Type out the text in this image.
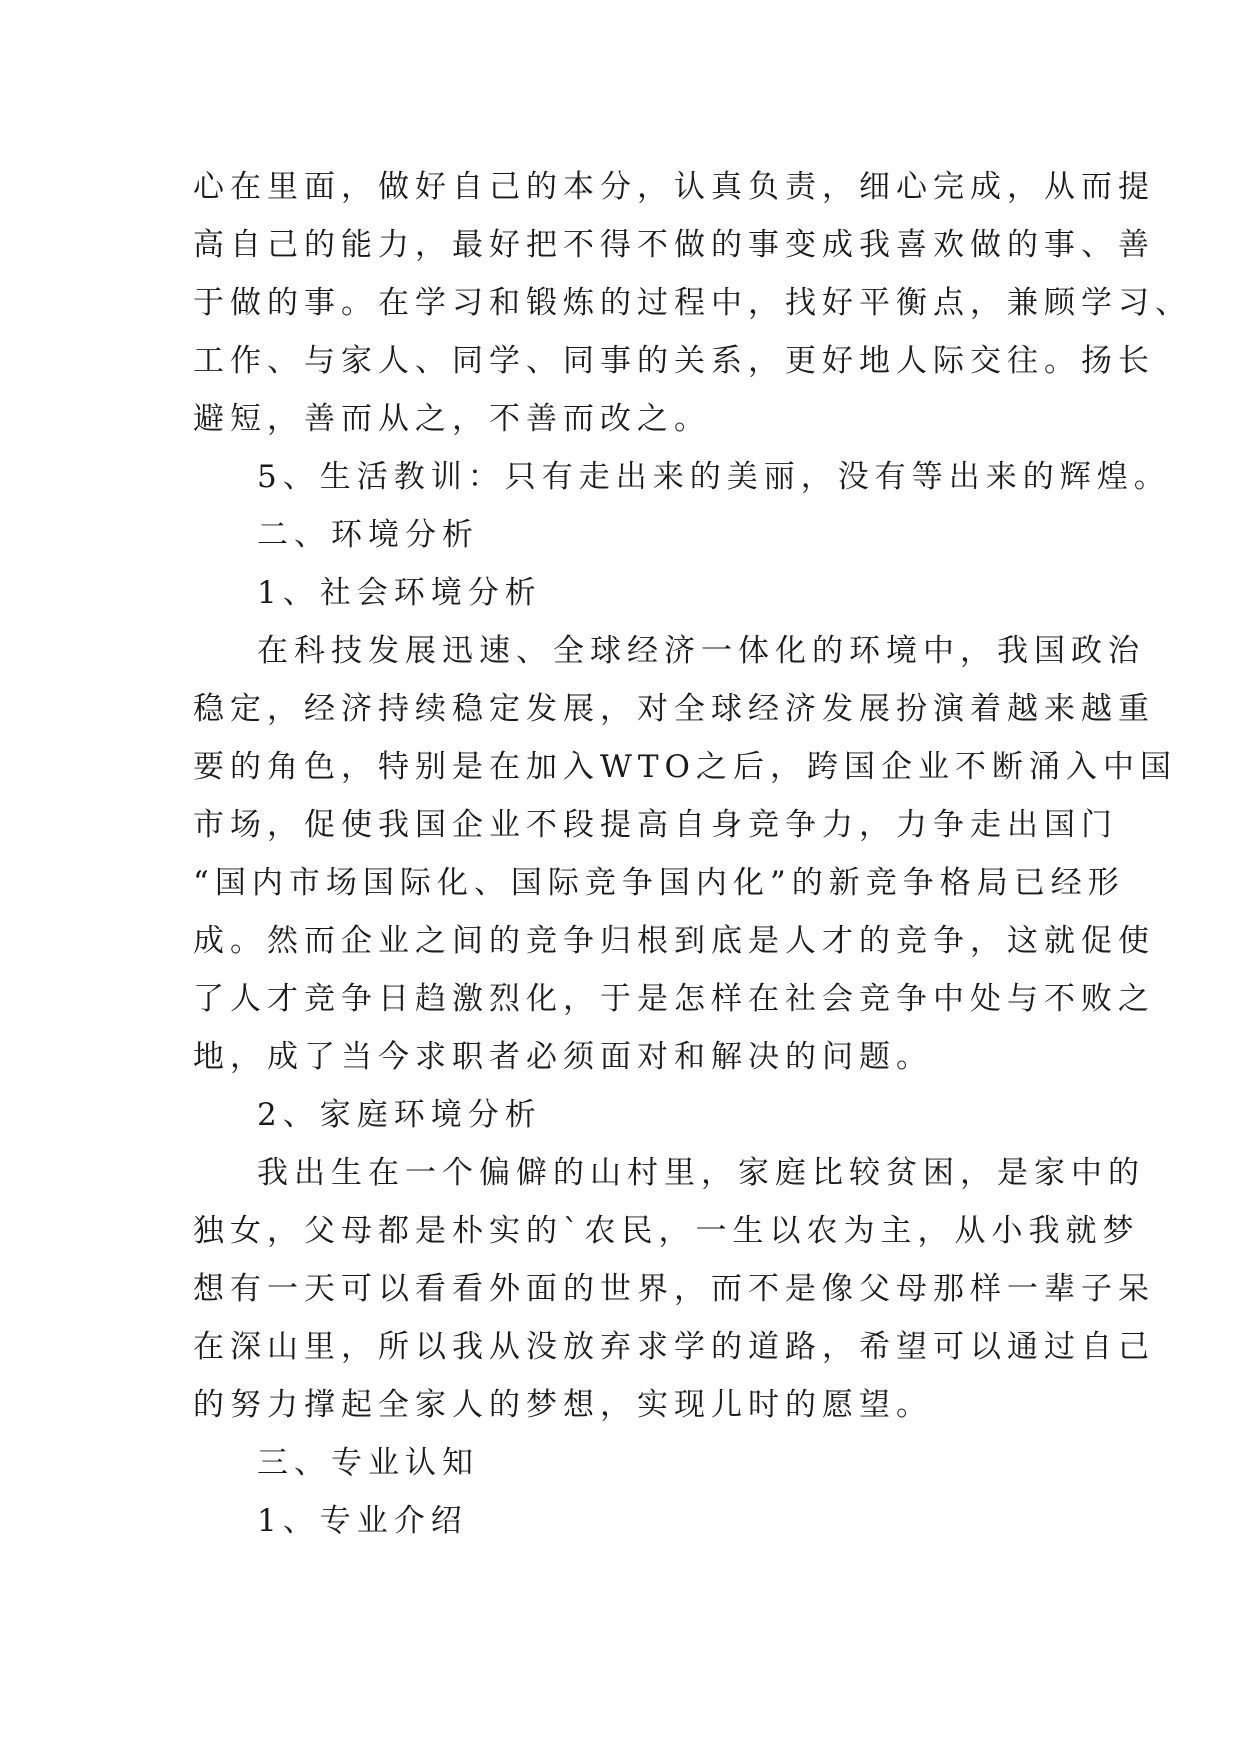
心在里面，做好自己的本分，认真负责，细心完成，从而提
高自己的能力，最好把不得不做的事变成我喜欢做的事、善
于做的事。在学习和锻炼的过程中，找好平衡点，兼顾学习、
工作、与家人、同学、同事的关系，更好地人际交往。扬长
避短，善而从之，不善而改之。
5、生活教训：只有走出来的美丽，没有等出来的辉煌。
二、环境分析
1、社会环境分析
在科技发展迅速、全球经济一体化的环境中，我国政治
稳定，经济持续稳定发展，对全球经济发展扮演着越来越重
要的角色，特别是在加入WTO之后，跨国企业不断涌入中国
市场，促使我国企业不段提高自身竞争力，力争走出国门
“国内市场国际化、国际竞争国内化”的新竞争格局已经形
成。然而企业之间的竞争归根到底是人才的竞争，这就促使
了人才竞争日趋激烈化，于是怎样在社会竞争中处与不败之
地，成了当今求职者必须面对和解决的问题。
2、家庭环境分析
我出生在一个偏僻的山村里，家庭比较贫困，是家中的
独女，父母都是朴实的`农民，一生以农为主，从小我就梦
想有一天可以看看外面的世界，而不是像父母那样一辈子呆
在深山里，所以我从没放弃求学的道路，希望可以通过自己
的努力撑起全家人的梦想，实现儿时的愿望。
三、专业认知
1、专业介绍
